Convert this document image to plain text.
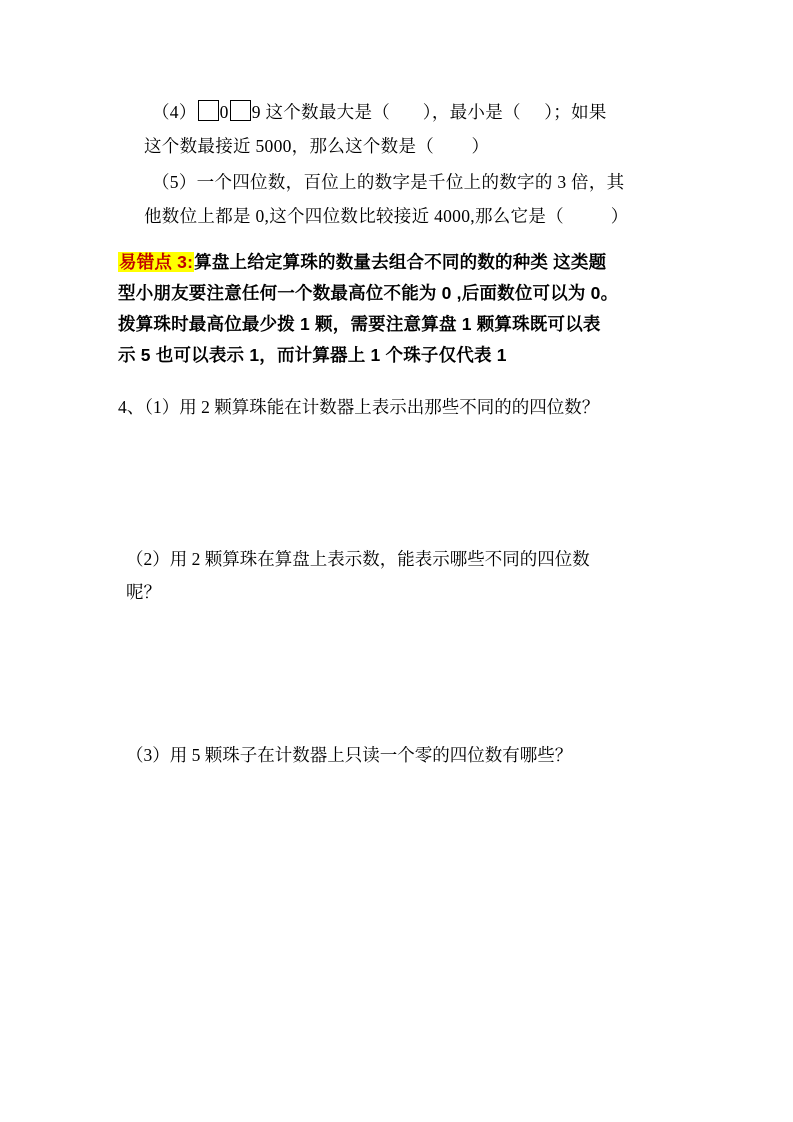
（4） 0 9 这个数最大是（ ），最小是（ ）；如果
这个数最接近 5000，那么这个数是（ ）
（5）一个四位数，百位上的数字是千位上的数字的 3 倍，其
他数位上都是 0,这个四位数比较接近 4000,那么它是（	）
易错点 3:算盘上给定算珠的数量去组合不同的数的种类 这类题
型小朋友要注意任何一个数最高位不能为 0 ,后面数位可以为 0。
拨算珠时最高位最少拨 1 颗，需要注意算盘 1 颗算珠既可以表
示 5 也可以表示 1，而计算器上 1 个珠子仅代表 1
4、（1）用 2 颗算珠能在计数器上表示出那些不同的的四位数？
（2）用 2 颗算珠在算盘上表示数，能表示哪些不同的四位数
呢？
（3）用 5 颗珠子在计数器上只读一个零的四位数有哪些？
